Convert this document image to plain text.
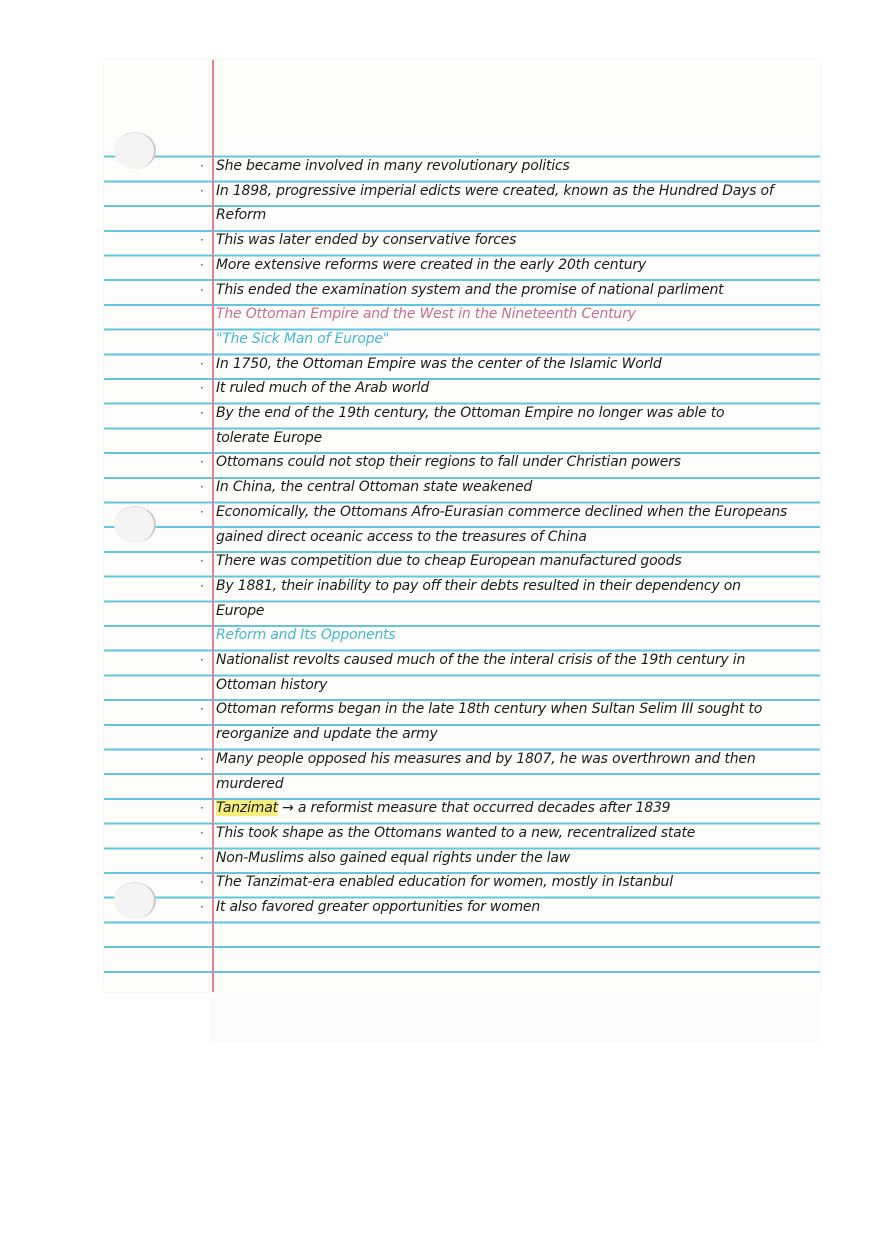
· She became involved in many revolutionary politics
· In 1898, progressive imperial edicts were created, known as the Hundred Days of
Reform
· This was later ended by conservative forces
· More extensive reforms were created in the early 20th century
· This ended the examination system and the promise of national parliment
The Ottoman Empire and the West in the Nineteenth Century
"The Sick Man of Europe"
· In 1750, the Ottoman Empire was the center of the Islamic World
· It ruled much of the Arab world
· By the end of the 19th century, the Ottoman Empire no longer was able to
tolerate Europe
· Ottomans could not stop their regions to fall under Christian powers
· In China, the central Ottoman state weakened
· Economically, the Ottomans Afro-Eurasian commerce declined when the Europeans
gained direct oceanic access to the treasures of China
· There was competition due to cheap European manufactured goods
· By 1881, their inability to pay off their debts resulted in their dependency on
Europe
Reform and Its Opponents
· Nationalist revolts caused much of the the interal crisis of the 19th century in
Ottoman history
· Ottoman reforms began in the late 18th century when Sultan Selim III sought to
reorganize and update the army
· Many people opposed his measures and by 1807, he was overthrown and then
murdered
· Tanzimat → a reformist measure that occurred decades after 1839
· This took shape as the Ottomans wanted to a new, recentralized state
· Non-Muslims also gained equal rights under the law
· The Tanzimat-era enabled education for women, mostly in Istanbul
· It also favored greater opportunities for women
